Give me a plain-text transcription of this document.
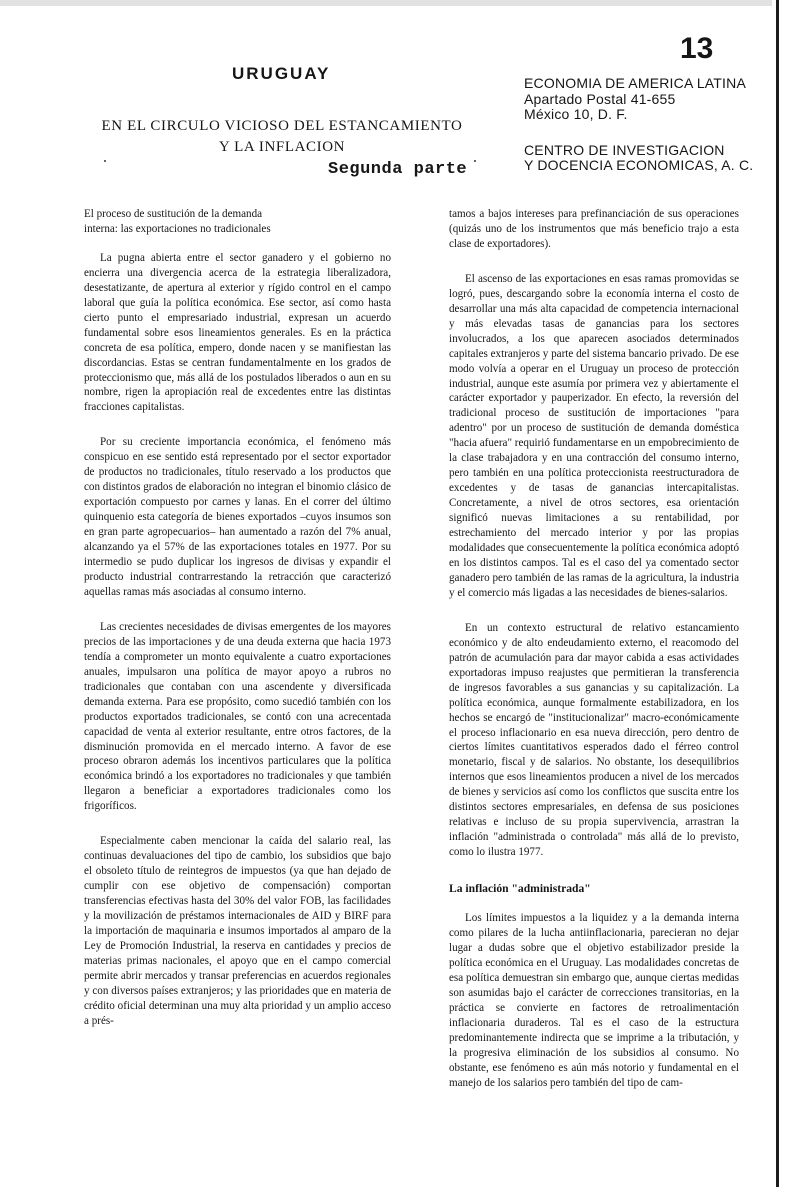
13
URUGUAY
EN EL CIRCULO VICIOSO DEL ESTANCAMIENTO
Y LA INFLACION
Segunda parte
ECONOMIA DE AMERICA LATINA
Apartado Postal 41-655
México 10, D. F.
CENTRO DE INVESTIGACION
Y DOCENCIA ECONOMICAS, A. C.
El proceso de sustitución de la demanda
interna: las exportaciones no tradicionales

La pugna abierta entre el sector ganadero y el gobierno no encierra una divergencia acerca de la estrategia liberalizadora, desestatizante, de apertura al exterior y rígido control en el campo laboral que guía la política económica. Ese sector, así como hasta cierto punto el empresariado industrial, expresan un acuerdo fundamental sobre esos lineamientos generales. Es en la práctica concreta de esa política, empero, donde nacen y se manifiestan las discordancias. Estas se centran fundamentalmente en los grados de proteccionismo que, más allá de los postulados liberados o aun en su nombre, rigen la apropiación real de excedentes entre las distintas fracciones capitalistas.

Por su creciente importancia económica, el fenómeno más conspicuo en ese sentido está representado por el sector exportador de productos no tradicionales, título reservado a los productos que con distintos grados de elaboración no integran el binomio clásico de exportación compuesto por carnes y lanas. En el correr del último quinquenio esta categoría de bienes exportados –cuyos insumos son en gran parte agropecuarios– han aumentado a razón del 7% anual, alcanzando ya el 57% de las exportaciones totales en 1977. Por su intermedio se pudo duplicar los ingresos de divisas y expandir el producto industrial contrarrestando la retracción que caracterizó aquellas ramas más asociadas al consumo interno.

Las crecientes necesidades de divisas emergentes de los mayores precios de las importaciones y de una deuda externa que hacia 1973 tendía a comprometer un monto equivalente a cuatro exportaciones anuales, impulsaron una política de mayor apoyo a rubros no tradicionales que contaban con una ascendente y diversificada demanda externa. Para ese propósito, como sucedió también con los productos exportados tradicionales, se contó con una acrecentada capacidad de venta al exterior resultante, entre otros factores, de la disminución promovida en el mercado interno. A favor de ese proceso obraron además los incentivos particulares que la política económica brindó a los exportadores no tradicionales y que también llegaron a beneficiar a exportadores tradicionales como los frigoríficos.

Especialmente caben mencionar la caída del salario real, las continuas devaluaciones del tipo de cambio, los subsidios que bajo el obsoleto título de reintegros de impuestos (ya que han dejado de cumplir con ese objetivo de compensación) comportan transferencias efectivas hasta del 30% del valor FOB, las facilidades y la movilización de préstamos internacionales de AID y BIRF para la importación de maquinaria e insumos importados al amparo de la Ley de Promoción Industrial, la reserva en cantidades y precios de materias primas nacionales, el apoyo que en el campo comercial permite abrir mercados y transar preferencias en acuerdos regionales y con diversos países extranjeros; y las prioridades que en materia de crédito oficial determinan una muy alta prioridad y un amplio acceso a prés-

tamos a bajos intereses para prefinanciación de sus operaciones (quizás uno de los instrumentos que más beneficio trajo a esta clase de exportadores).

El ascenso de las exportaciones en esas ramas promovidas se logró, pues, descargando sobre la economía interna el costo de desarrollar una más alta capacidad de competencia internacional y más elevadas tasas de ganancias para los sectores involucrados, a los que aparecen asociados determinados capitales extranjeros y parte del sistema bancario privado. De ese modo volvía a operar en el Uruguay un proceso de protección industrial, aunque este asumía por primera vez y abiertamente el carácter exportador y pauperizador. En efecto, la reversión del tradicional proceso de sustitución de importaciones "para adentro" por un proceso de sustitución de demanda doméstica "hacia afuera" requirió fundamentarse en un empobrecimiento de la clase trabajadora y en una contracción del consumo interno, pero también en una política proteccionista reestructuradora de excedentes y de tasas de ganancias intercapitalistas. Concretamente, a nivel de otros sectores, esa orientación significó nuevas limitaciones a su rentabilidad, por estrechamiento del mercado interior y por las propias modalidades que consecuentemente la política económica adoptó en los distintos campos. Tal es el caso del ya comentado sector ganadero pero también de las ramas de la agricultura, la industria y el comercio más ligadas a las necesidades de bienes-salarios.

En un contexto estructural de relativo estancamiento económico y de alto endeudamiento externo, el reacomodo del patrón de acumulación para dar mayor cabida a esas actividades exportadoras impuso reajustes que permitieran la transferencia de ingresos favorables a sus ganancias y su capitalización. La política económica, aunque formalmente estabilizadora, en los hechos se encargó de "institucionalizar" macro-económicamente el proceso inflacionario en esa nueva dirección, pero dentro de ciertos límites cuantitativos esperados dado el férreo control monetario, fiscal y de salarios. No obstante, los desequilibrios internos que esos lineamientos producen a nivel de los mercados de bienes y servicios así como los conflictos que suscita entre los distintos sectores empresariales, en defensa de sus posiciones relativas e incluso de su propia supervivencia, arrastran la inflación "administrada o controlada" más allá de lo previsto, como lo ilustra 1977.

La inflación "administrada"

Los límites impuestos a la liquidez y a la demanda interna como pilares de la lucha antiinflacionaria, parecieran no dejar lugar a dudas sobre que el objetivo estabilizador preside la política económica en el Uruguay. Las modalidades concretas de esa política demuestran sin embargo que, aunque ciertas medidas son asumidas bajo el carácter de correcciones transitorias, en la práctica se convierte en factores de retroalimentación inflacionaria duraderos. Tal es el caso de la estructura predominantemente indirecta que se imprime a la tributación, y la progresiva eliminación de los subsidios al consumo. No obstante, ese fenómeno es aún más notorio y fundamental en el manejo de los salarios pero también del tipo de cam-
